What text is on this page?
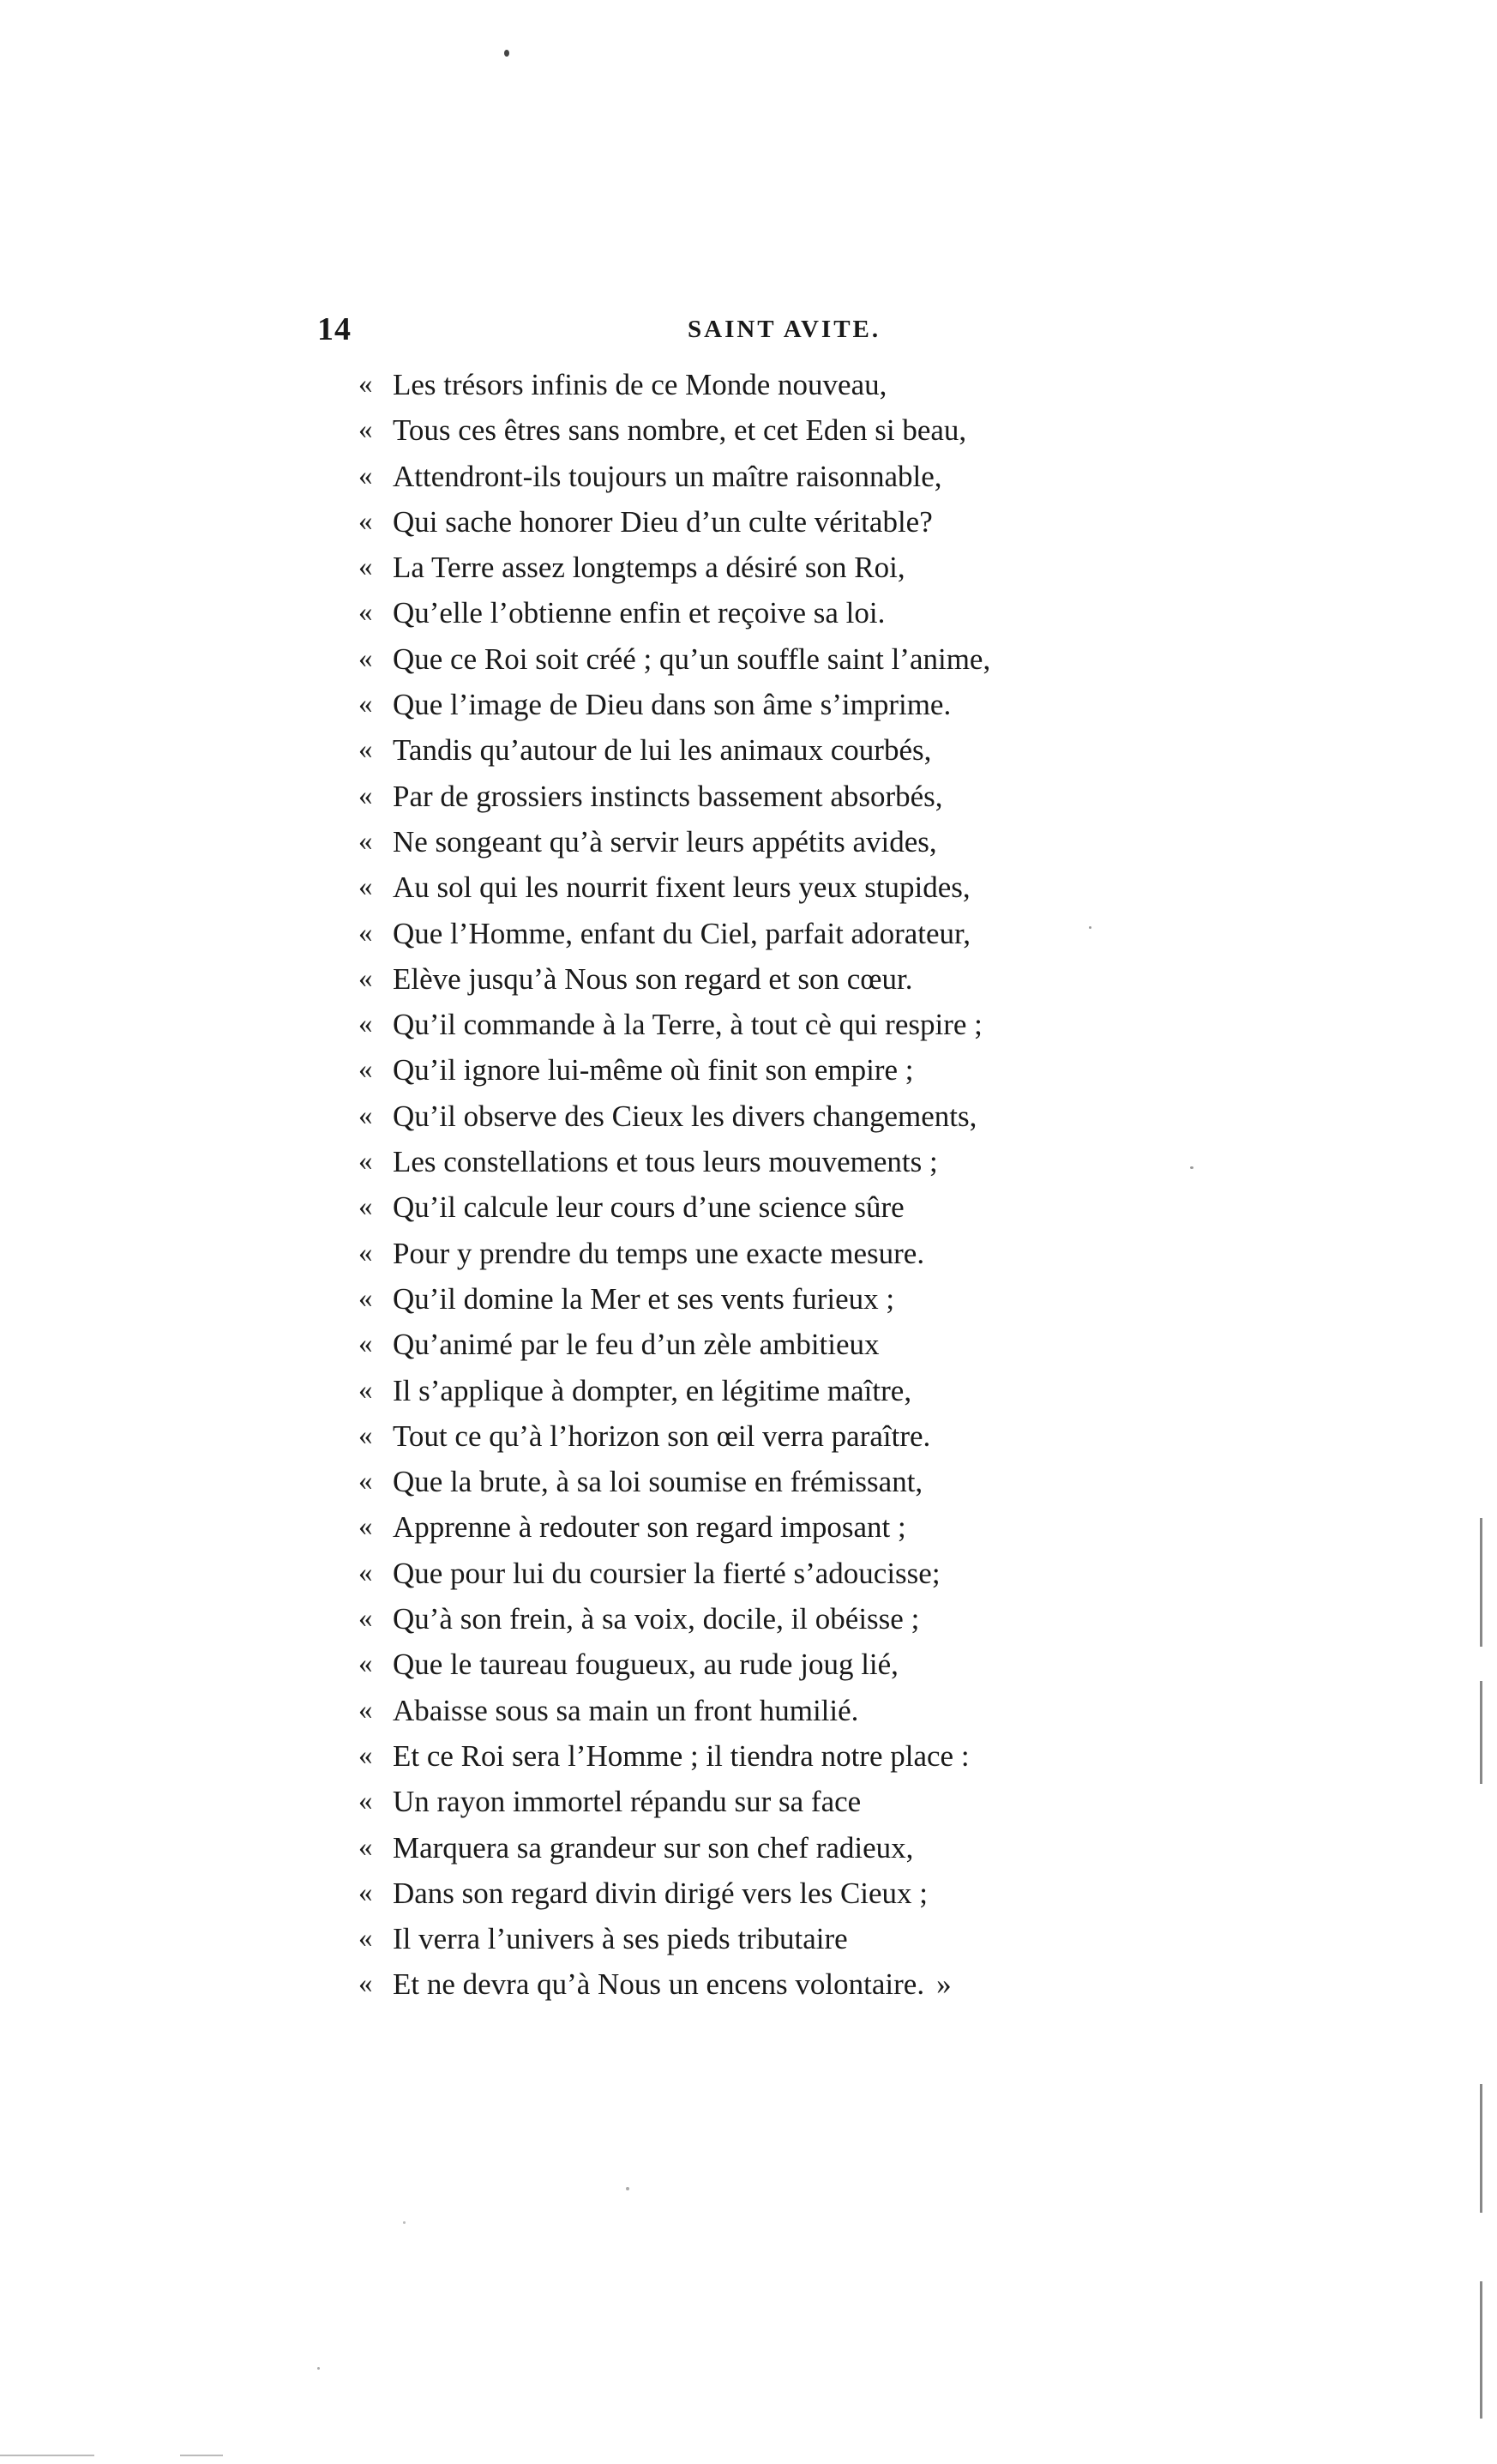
14	SAINT AVITE.
« Les trésors infinis de ce Monde nouveau,
« Tous ces êtres sans nombre, et cet Eden si beau,
« Attendront-ils toujours un maître raisonnable,
« Qui sache honorer Dieu d’un culte véritable?
« La Terre assez longtemps a désiré son Roi,
« Qu’elle l’obtienne enfin et reçoive sa loi.
« Que ce Roi soit créé ; qu’un souffle saint l’anime,
« Que l’image de Dieu dans son âme s’imprime.
« Tandis qu’autour de lui les animaux courbés,
« Par de grossiers instincts bassement absorbés,
« Ne songeant qu’à servir leurs appétits avides,
« Au sol qui les nourrit fixent leurs yeux stupides,
« Que l’Homme, enfant du Ciel, parfait adorateur,
« Elève jusqu’à Nous son regard et son cœur.
« Qu’il commande à la Terre, à tout cè qui respire ;
« Qu’il ignore lui-même où finit son empire ;
« Qu’il observe des Cieux les divers changements,
« Les constellations et tous leurs mouvements ;
« Qu’il calcule leur cours d’une science sûre
« Pour y prendre du temps une exacte mesure.
« Qu’il domine la Mer et ses vents furieux ;
« Qu’animé par le feu d’un zèle ambitieux
« Il s’applique à dompter, en légitime maître,
« Tout ce qu’à l’horizon son œil verra paraître.
« Que la brute, à sa loi soumise en frémissant,
« Apprenne à redouter son regard imposant ;
« Que pour lui du coursier la fierté s’adoucisse;
« Qu’à son frein, à sa voix, docile, il obéisse ;
« Que le taureau fougueux, au rude joug lié,
« Abaisse sous sa main un front humilié.
« Et ce Roi sera l’Homme ; il tiendra notre place :
« Un rayon immortel répandu sur sa face
« Marquera sa grandeur sur son chef radieux,
« Dans son regard divin dirigé vers les Cieux ;
« Il verra l’univers à ses pieds tributaire
« Et ne devra qu’à Nous un encens volontaire. »
